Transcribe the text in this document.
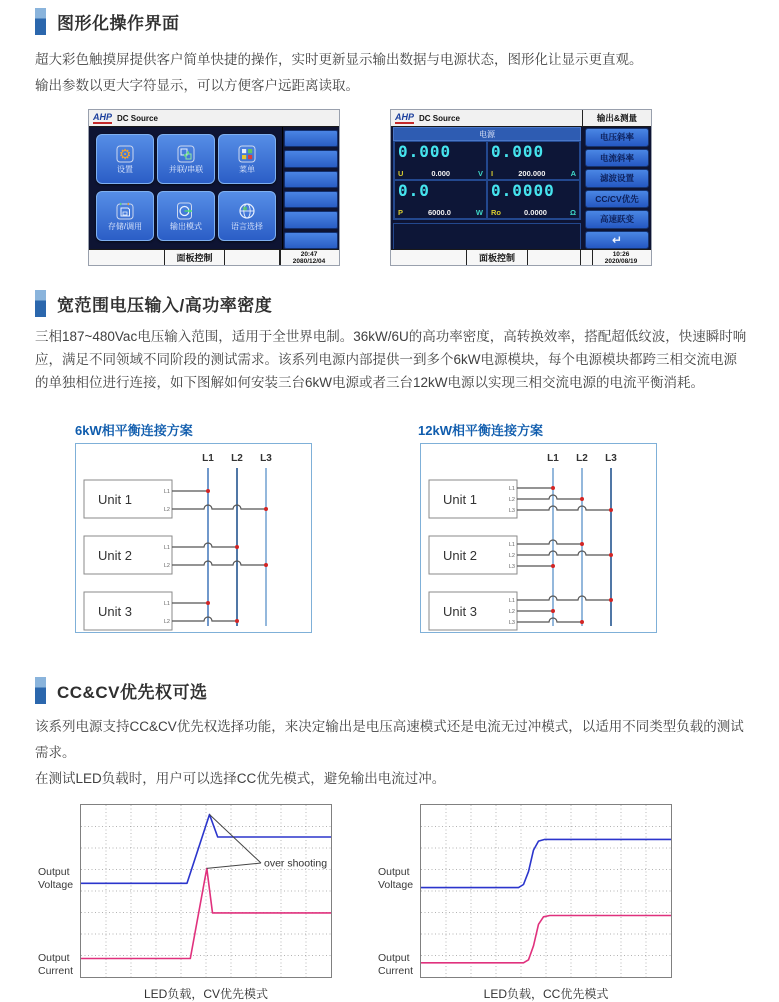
图形化操作界面

超大彩色触摸屏提供客户简单快捷的操作，实时更新显示输出数据与电源状态，图形化让显示更直观。

输出参数以更大字符显示，可以方便客户远距离读取。

AHP DC Source
⚙
设置	并联/串联	菜单
存储/调用	输出模式	语言选择
面板控制	20:47
2080/12/04
AHP DC Source	输出&测量
电源
0.000
U	0.000	V
0.000
I	200.000	A
0.0
P	6000.0	W
0.0000
Ro	0.0000	Ω
电压斜率
电流斜率
滤波设置
CC/CV优先
高速跃变
↵
面板控制	10:26
2020/08/19
宽范围电压输入/高功率密度

三相187~480Vac电压输入范围，适用于全世界电制。36kW/6U的高功率密度，高转换效率，搭配超低纹波，快速瞬时响应，满足不同领域不同阶段的测试需求。该系列电源内部提供一到多个6kW电源模块，每个电源模块都跨三相交流电源的单独相位进行连接，如下图解如何安装三台6kW电源或者三台12kW电源以实现三相交流电源的电流平衡消耗。

6kW相平衡连接方案	12kW相平衡连接方案
L1 L2 L3
Unit 1
Unit 2
Unit 3
L1
L2
L1
L2
L1
L2
L1 L2 L3
Unit 1
Unit 2
Unit 3
L1
L2
L3
L1
L2
L3
L1
L2
L3
CC&CV优先权可选

该系列电源支持CC&CV优先权选择功能，来决定输出是电压高速模式还是电流无过冲模式，以适用不同类型负载的测试需求。

在测试LED负载时，用户可以选择CC优先模式，避免输出电流过冲。

Output Voltage
Output Current
over shooting
LED负载，CV优先模式
Output Voltage
Output Current
LED负载，CC优先模式
